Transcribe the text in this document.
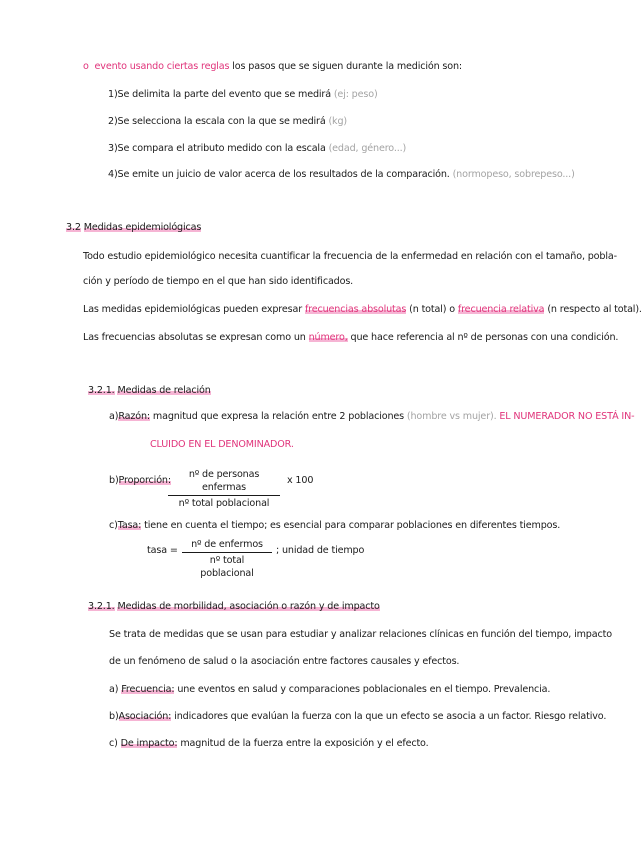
o evento usando ciertas reglas los pasos que se siguen durante la medición son:
1)Se delimita la parte del evento que se medirá (ej: peso)
2)Se selecciona la escala con la que se medirá (kg)
3)Se compara el atributo medido con la escala (edad, género...)
4)Se emite un juicio de valor acerca de los resultados de la comparación. (normopeso, sobrepeso...)
3.2 Medidas epidemiológicas
Todo estudio epidemiológico necesita cuantificar la frecuencia de la enfermedad en relación con el tamaño, pobla-
ción y período de tiempo en el que han sido identificados.
Las medidas epidemiológicas pueden expresar frecuencias absolutas (n total) o frecuencia relativa (n respecto al total).
Las frecuencias absolutas se expresan como un número, que hace referencia al nº de personas con una condición.
3.2.1. Medidas de relación
a)Razón: magnitud que expresa la relación entre 2 poblaciones (hombre vs mujer). EL NUMERADOR NO ESTÁ IN-
CLUIDO EN EL DENOMINADOR.
b)Proporción:
nº de personas enfermas
nº total poblacional
x 100
c)Tasa: tiene en cuenta el tiempo; es esencial para comparar poblaciones en diferentes tiempos.
tasa =
nº de enfermos
nº total poblacional
; unidad de tiempo
3.2.1. Medidas de morbilidad, asociación o razón y de impacto
Se trata de medidas que se usan para estudiar y analizar relaciones clínicas en función del tiempo, impacto
de un fenómeno de salud o la asociación entre factores causales y efectos.
a) Frecuencia: une eventos en salud y comparaciones poblacionales en el tiempo. Prevalencia.
b)Asociación: indicadores que evalúan la fuerza con la que un efecto se asocia a un factor. Riesgo relativo.
c) De impacto: magnitud de la fuerza entre la exposición y el efecto.
